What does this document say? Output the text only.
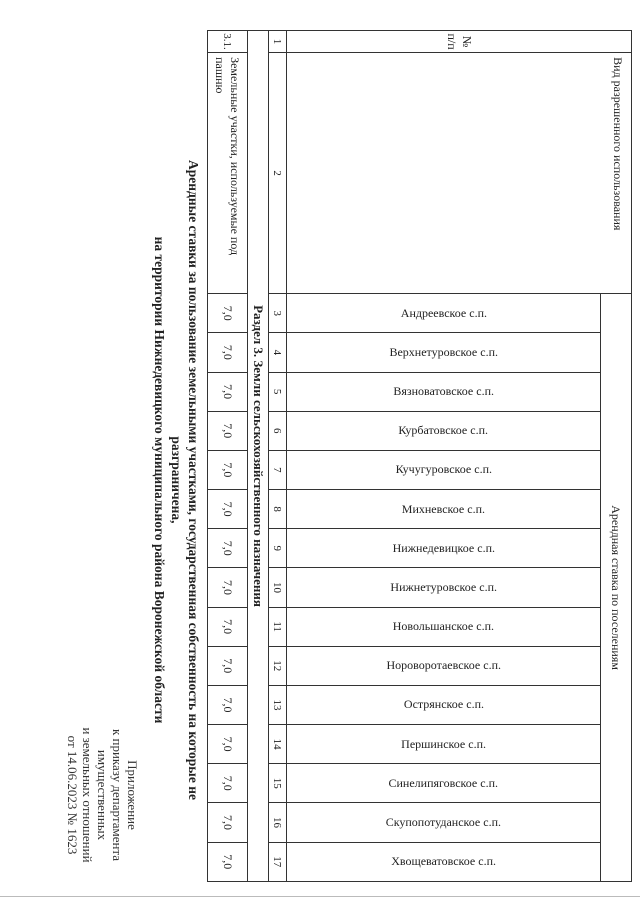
Приложение
к приказу департамента
имущественных
и земельных отношений
от 14.06.2023 № 1623	Арендные ставки за пользование земельными участками, государственная собственность на которые не разграничена,
на территории Нижнедевицкого муниципального района Воронежской области
№ п/п	Вид разрешенного использования	Арендная ставка по поселениям														

		Андреевское с.п.	Верхнетуровское с.п.	Вязноватовское с.п.	Курбатовское с.п.	Кучугуровское с.п.	Михневское с.п.	Нижнедевицкое с.п.	Нижнетуровское с.п.	Новольшанское с.п.	Нороворотаевское с.п.	Острянское с.п.	Першинское с.п.	Синелипяговское с.п.	Скупопотуданское с.п.	Хвощеватовское с.п.

1	2	3	4	5	6	7	8	9	10	11	12	13	14	15	16	17
Раздел 3. Земли сельскохозяйственного назначения																
3.1.	Земельные участки, используемые под пашню	7,0	7,0	7,0	7,0	7,0	7,0	7,0	7,0	7,0	7,0	7,0	7,0	7,0	7,0	7,0
